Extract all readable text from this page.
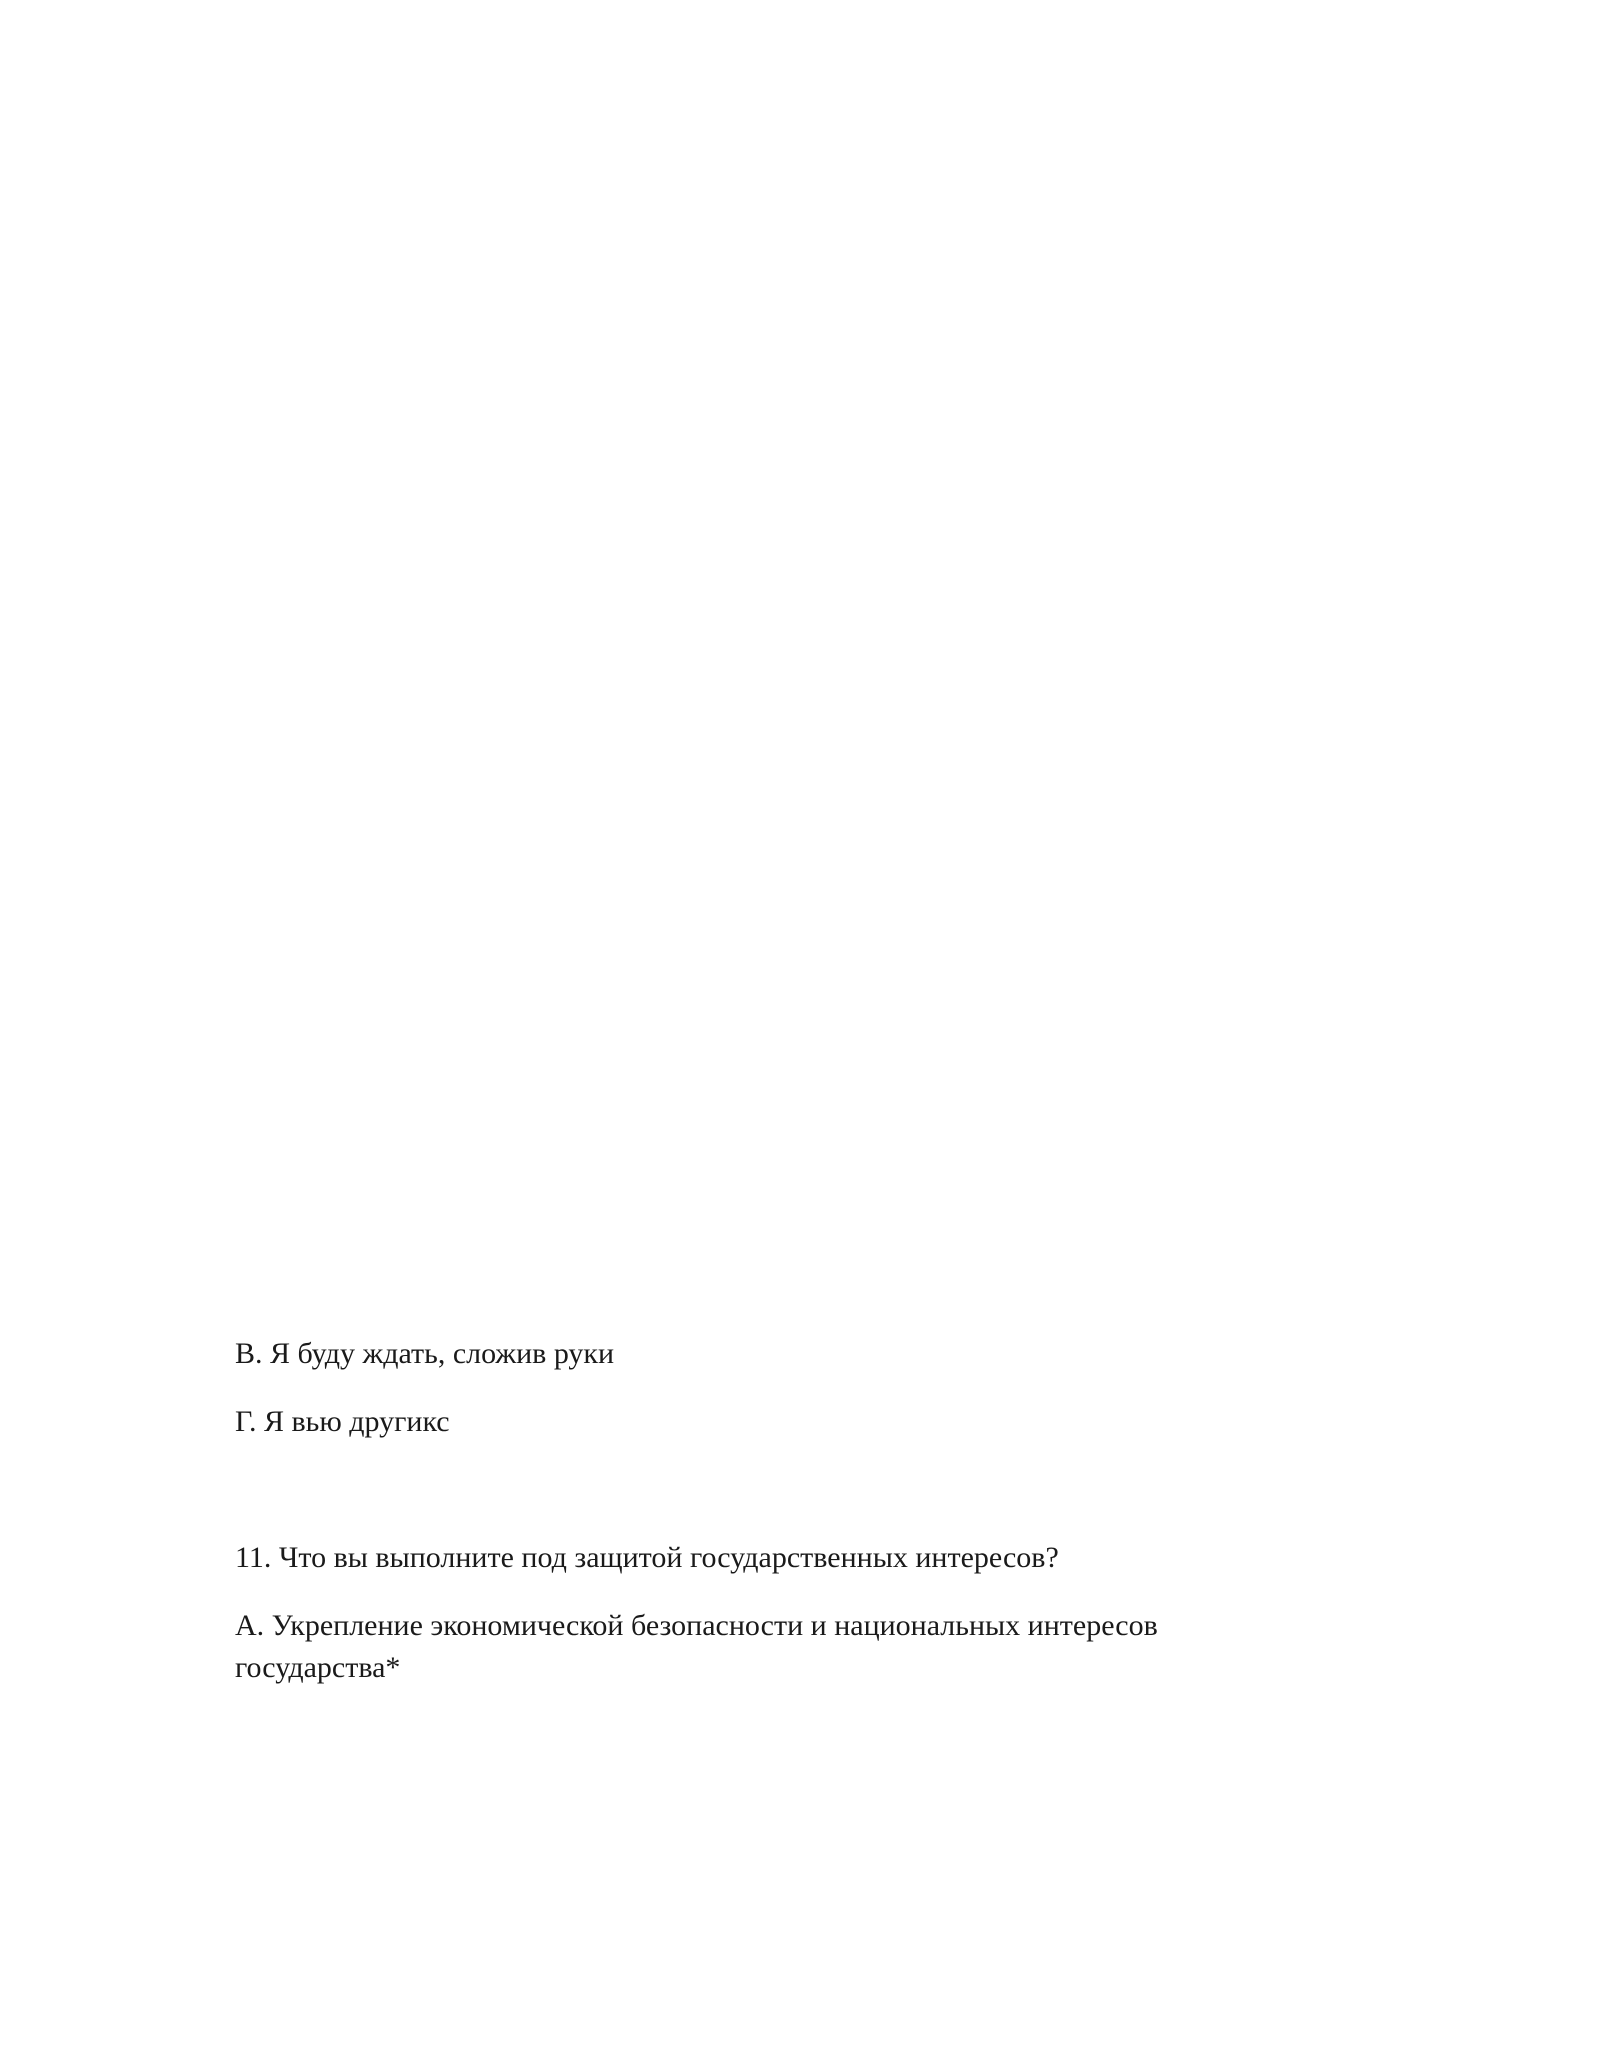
В. Я буду ждать, сложив руки
Г. Я вью другикс
11. Что вы выполните под защитой государственных интересов?
А. Укрепление экономической безопасности и национальных интересов
государства*
